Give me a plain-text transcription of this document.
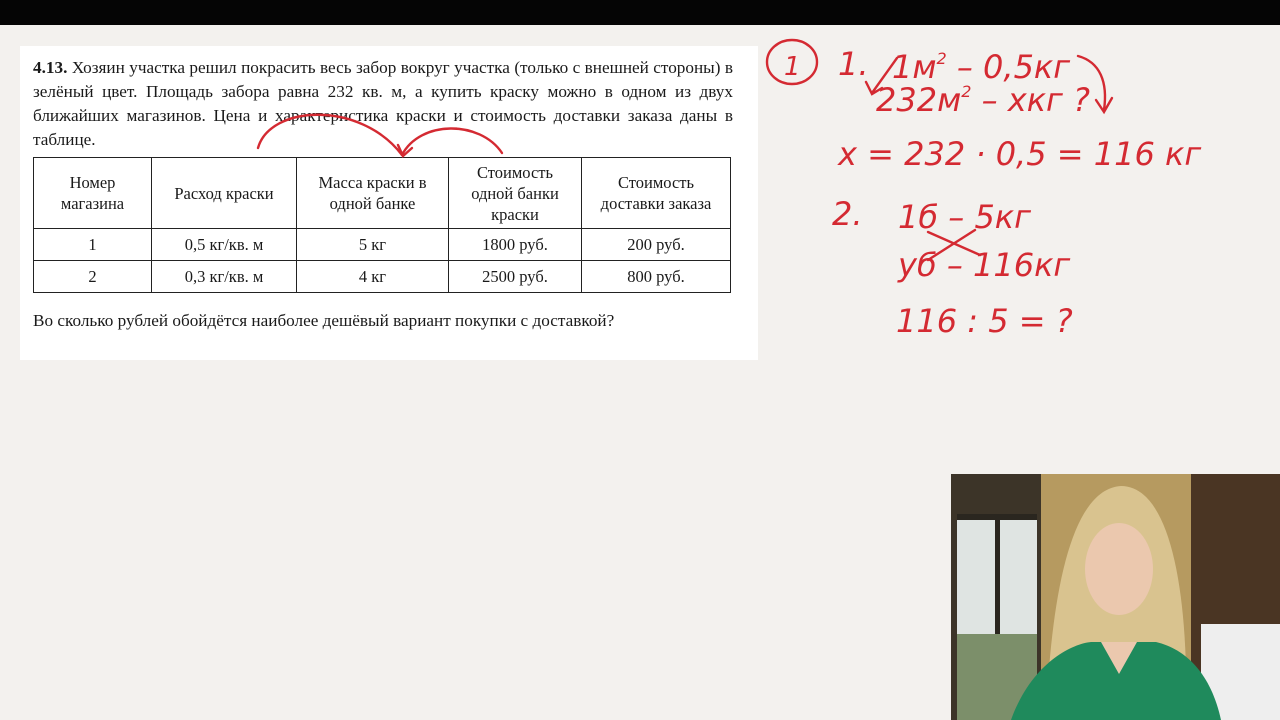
4.13. Хозяин участка решил покрасить весь забор вокруг участка (только с внешней стороны) в зелёный цвет. Площадь забора равна 232 кв. м, а купить краску можно в одном из двух ближайших магазинов. Цена и характеристика краски и стоимость доставки заказа даны в таблице.
Номер магазина	Расход краски	Масса краски в одной банке	Стоимость одной банки краски	Стоимость доставки заказа
1	0,5 кг/кв. м	5 кг	1800 руб.	200 руб.
2	0,3 кг/кв. м	4 кг	2500 руб.	800 руб.
Во сколько рублей обойдётся наиболее дешёвый вариант покупки с доставкой?
1 1. $1м^2 - 0,5кг$
$232м^2$ – хкг ?
x = 232 · 0,5 = 116 кг
2. 1б – 5кг
yб – 116кг
116 : 5 = ?
